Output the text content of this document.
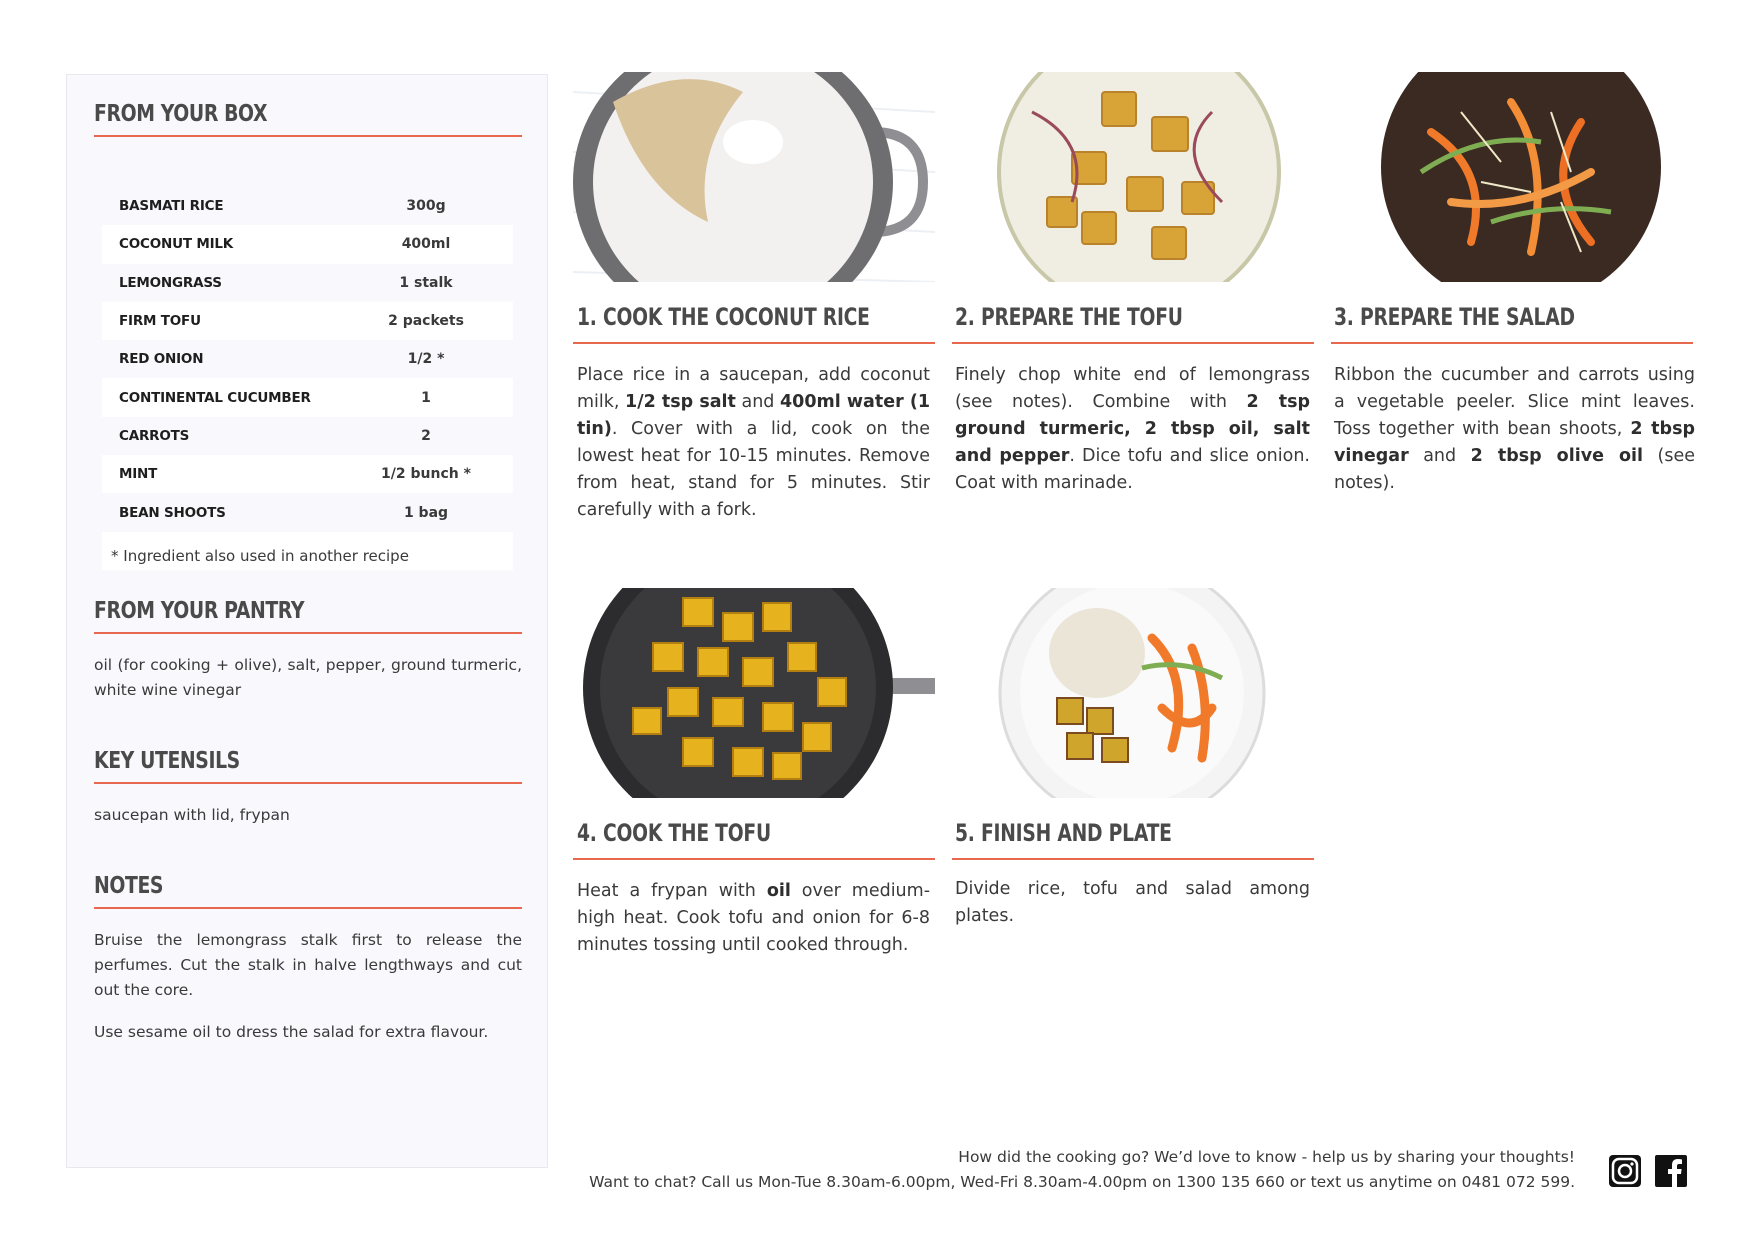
FROM YOUR BOX
BASMATI RICE	300g
COCONUT MILK	400ml
LEMONGRASS	1 stalk
FIRM TOFU	2 packets
RED ONION	1/2 *
CONTINENTAL CUCUMBER	1
CARROTS	2
MINT	1/2 bunch *
BEAN SHOOTS	1 bag
* Ingredient also used in another recipe
FROM YOUR PANTRY
oil (for cooking + olive), salt, pepper, ground turmeric, white wine vinegar
KEY UTENSILS
saucepan with lid, frypan
NOTES
Bruise the lemongrass stalk first to release the perfumes. Cut the stalk in halve lengthways and cut out the core.
Use sesame oil to dress the salad for extra flavour.
1. COOK THE COCONUT RICE
Place rice in a saucepan, add coconut milk, 1/2 tsp salt and 400ml water (1 tin). Cover with a lid, cook on the lowest heat for 10-15 minutes. Remove from heat, stand for 5 minutes. Stir carefully with a fork.
2. PREPARE THE TOFU
Finely chop white end of lemongrass (see notes). Combine with 2 tsp ground turmeric, 2 tbsp oil, salt and pepper. Dice tofu and slice onion. Coat with marinade.
3. PREPARE THE SALAD
Ribbon the cucumber and carrots using a vegetable peeler. Slice mint leaves. Toss together with bean shoots, 2 tbsp vinegar and 2 tbsp olive oil (see notes).
4. COOK THE TOFU
Heat a frypan with oil over medium-high heat. Cook tofu and onion for 6-8 minutes tossing until cooked through.
5. FINISH AND PLATE
Divide rice, tofu and salad among plates.
How did the cooking go? We’d love to know - help us by sharing your thoughts!
Want to chat? Call us Mon-Tue 8.30am-6.00pm, Wed-Fri 8.30am-4.00pm on 1300 135 660 or text us anytime on 0481 072 599.
